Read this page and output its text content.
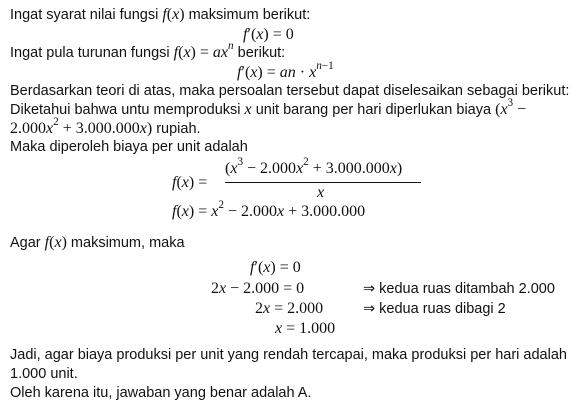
Ingat syarat nilai fungsi f(x) maksimum berikut:
f′(x) = 0
Ingat pula turunan fungsi $f(x) = ax^n$ berikut:
f′(x) = an · $x^{n-1}$
Berdasarkan teori di atas, maka persoalan tersebut dapat diselesaikan sebagai berikut:
Diketahui bahwa untu memproduksi x unit barang per hari diperlukan biaya ($x^3$ −
$2.000x^2 + 3.000.000x$) rupiah.
Maka diperoleh biaya per unit adalah
f(x) =
$(x^3 - 2.000x^2 + 3.000.000x)$
x
$f(x) = x^2 - 2.000x + 3.000.000$
Agar f(x) maksimum, maka
f′(x) = 0
2x − 2.000 = 0	⇒ kedua ruas ditambah 2.000
2x = 2.000	⇒ kedua ruas dibagi 2
x = 1.000
Jadi, agar biaya produksi per unit yang rendah tercapai, maka produksi per hari adalah
1.000 unit.
Oleh karena itu, jawaban yang benar adalah A.
